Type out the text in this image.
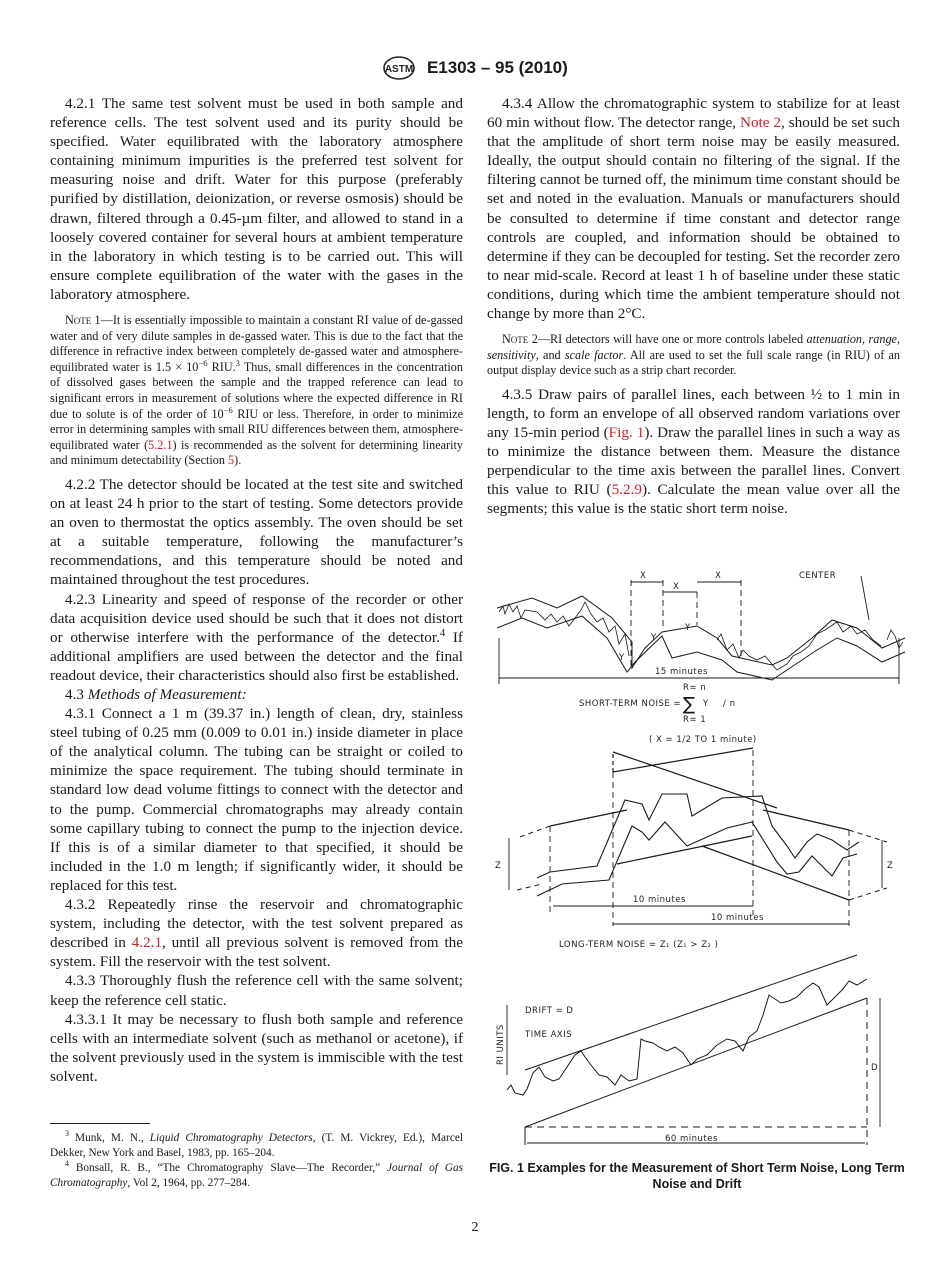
ASTM E1303 – 95 (2010)

4.2.1 The same test solvent must be used in both sample and reference cells. The test solvent used and its purity should be specified. Water equilibrated with the laboratory atmosphere containing minimum impurities is the preferred test solvent for measuring noise and drift. Water for this purpose (preferably purified by distillation, deionization, or reverse osmosis) should be drawn, filtered through a 0.45-µm filter, and allowed to stand in a loosely covered container for several hours at ambient temperature in the laboratory in which testing is to be carried out. This will ensure complete equilibration of the water with the gases in the laboratory atmosphere.

Note 1—It is essentially impossible to maintain a constant RI value of de-gassed water and of very dilute samples in de-gassed water. This is due to the fact that the difference in refractive index between completely de-gassed water and atmosphere-equilibrated water is $1.5 \times 10^{-6}$ RIU.$^3$ Thus, small differences in the concentration of dissolved gases between the sample and the trapped reference can lead to significant errors in measurement of solutions where the expected difference in RI due to solute is of the order of $10^{-6}$ RIU or less. Therefore, in order to minimize error in determining samples with small RIU differences between them, atmosphere-equilibrated water (5.2.1) is recommended as the solvent for determining linearity and minimum detectability (Section 5).

4.2.2 The detector should be located at the test site and switched on at least 24 h prior to the start of testing. Some detectors provide an oven to thermostat the optics assembly. The oven should be set at a suitable temperature, following the manufacturer’s recommendations, and this temperature should be noted and maintained throughout the test procedures.

4.2.3 Linearity and speed of response of the recorder or other data acquisition device used should be such that it does not distort or otherwise interfere with the performance of the detector.$^4$ If additional amplifiers are used between the detector and the final readout device, their characteristics should also first be established.

4.3 Methods of Measurement:

4.3.1 Connect a 1 m (39.37 in.) length of clean, dry, stainless steel tubing of 0.25 mm (0.009 to 0.01 in.) inside diameter in place of the analytical column. The tubing can be straight or coiled to minimize the space requirement. The tubing should terminate in standard low dead volume fittings to connect with the detector and to the pump. Commercial chromatographs may already contain some capillary tubing to connect the pump to the injection device. If this is of a similar diameter to that specified, it should be included in the 1.0 m length; if significantly wider, it should be replaced for this test.

4.3.2 Repeatedly rinse the reservoir and chromatographic system, including the detector, with the test solvent prepared as described in 4.2.1, until all previous solvent is removed from the system. Fill the reservoir with the test solvent.

4.3.3 Thoroughly flush the reference cell with the same solvent; keep the reference cell static.

4.3.3.1 It may be necessary to flush both sample and reference cells with an intermediate solvent (such as methanol or acetone), if the solvent previously used in the system is immiscible with the test solvent.

$^3$ Munk, M. N., Liquid Chromatography Detectors, (T. M. Vickrey, Ed.), Marcel Dekker, New York and Basel, 1983, pp. 165–204.

$^4$ Bonsall, R. B., “The Chromatography Slave—The Recorder,” Journal of Gas Chromatography, Vol 2, 1964, pp. 277–284.

4.3.4 Allow the chromatographic system to stabilize for at least 60 min without flow. The detector range, Note 2, should be set such that the amplitude of short term noise may be easily measured. Ideally, the output should contain no filtering of the signal. If the filtering cannot be turned off, the minimum time constant should be set and noted in the evaluation. Manuals or manufacturers should be consulted to determine if time constant and detector range controls are coupled, and information should be obtained to determine if they can be decoupled for testing. Set the recorder zero to near mid-scale. Record at least 1 h of baseline under these static conditions, during which time the ambient temperature should not change by more than 2°C.

Note 2—RI detectors will have one or more controls labeled attenuation, range, sensitivity, and scale factor. All are used to set the full scale range (in RIU) of an output display device such as a strip chart recorder.

4.3.5 Draw pairs of parallel lines, each between ½ to 1 min in length, to form an envelope of all observed random variations over any 15-min period (Fig. 1). Draw the parallel lines in such a way as to minimize the distance between them. Measure the distance perpendicular to the time axis between the parallel lines. Convert this value to RIU (5.2.9). Calculate the mean value over all the segments; this value is the static short term noise.

X
X
X
Y
Y
Y
CENTER
15 minutes
SHORT-TERM NOISE = ∑
R= n
R= 1
Y / n
( X = 1/2 TO 1 minute)
Z	Z
10 minutes
10 minutes
LONG-TERM NOISE = Z₁ (Z₁ > Z₂ )
DRIFT = D
TIME AXIS
RI UNITS
D
60 minutes
FIG. 1 Examples for the Measurement of Short Term Noise, Long Term Noise and Drift
2
